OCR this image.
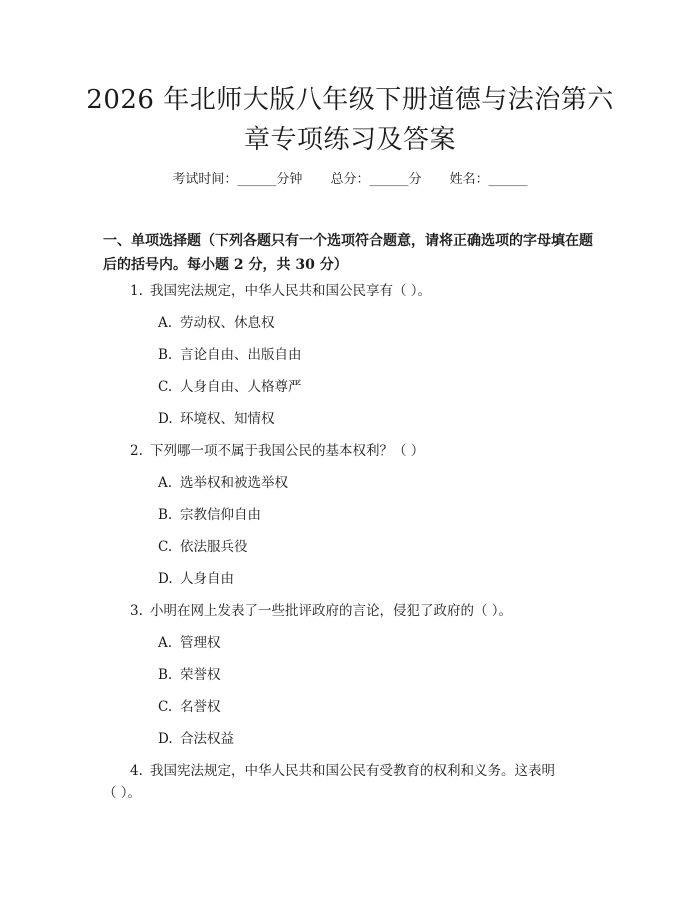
2026 年北师大版八年级下册道德与法治第六
章专项练习及答案
考试时间：______分钟 总分：______分 姓名：______
一、单项选择题（下列各题只有一个选项符合题意，请将正确选项的字母填在题后的括号内。每小题 2 分，共 30 分）
1. 我国宪法规定，中华人民共和国公民享有（ ）。
A. 劳动权、休息权
B. 言论自由、出版自由
C. 人身自由、人格尊严
D. 环境权、知情权
2. 下列哪一项不属于我国公民的基本权利？（ ）
A. 选举权和被选举权
B. 宗教信仰自由
C. 依法服兵役
D. 人身自由
3. 小明在网上发表了一些批评政府的言论，侵犯了政府的（ ）。
A. 管理权
B. 荣誉权
C. 名誉权
D. 合法权益
4. 我国宪法规定，中华人民共和国公民有受教育的权利和义务。这表明
（ ）。
